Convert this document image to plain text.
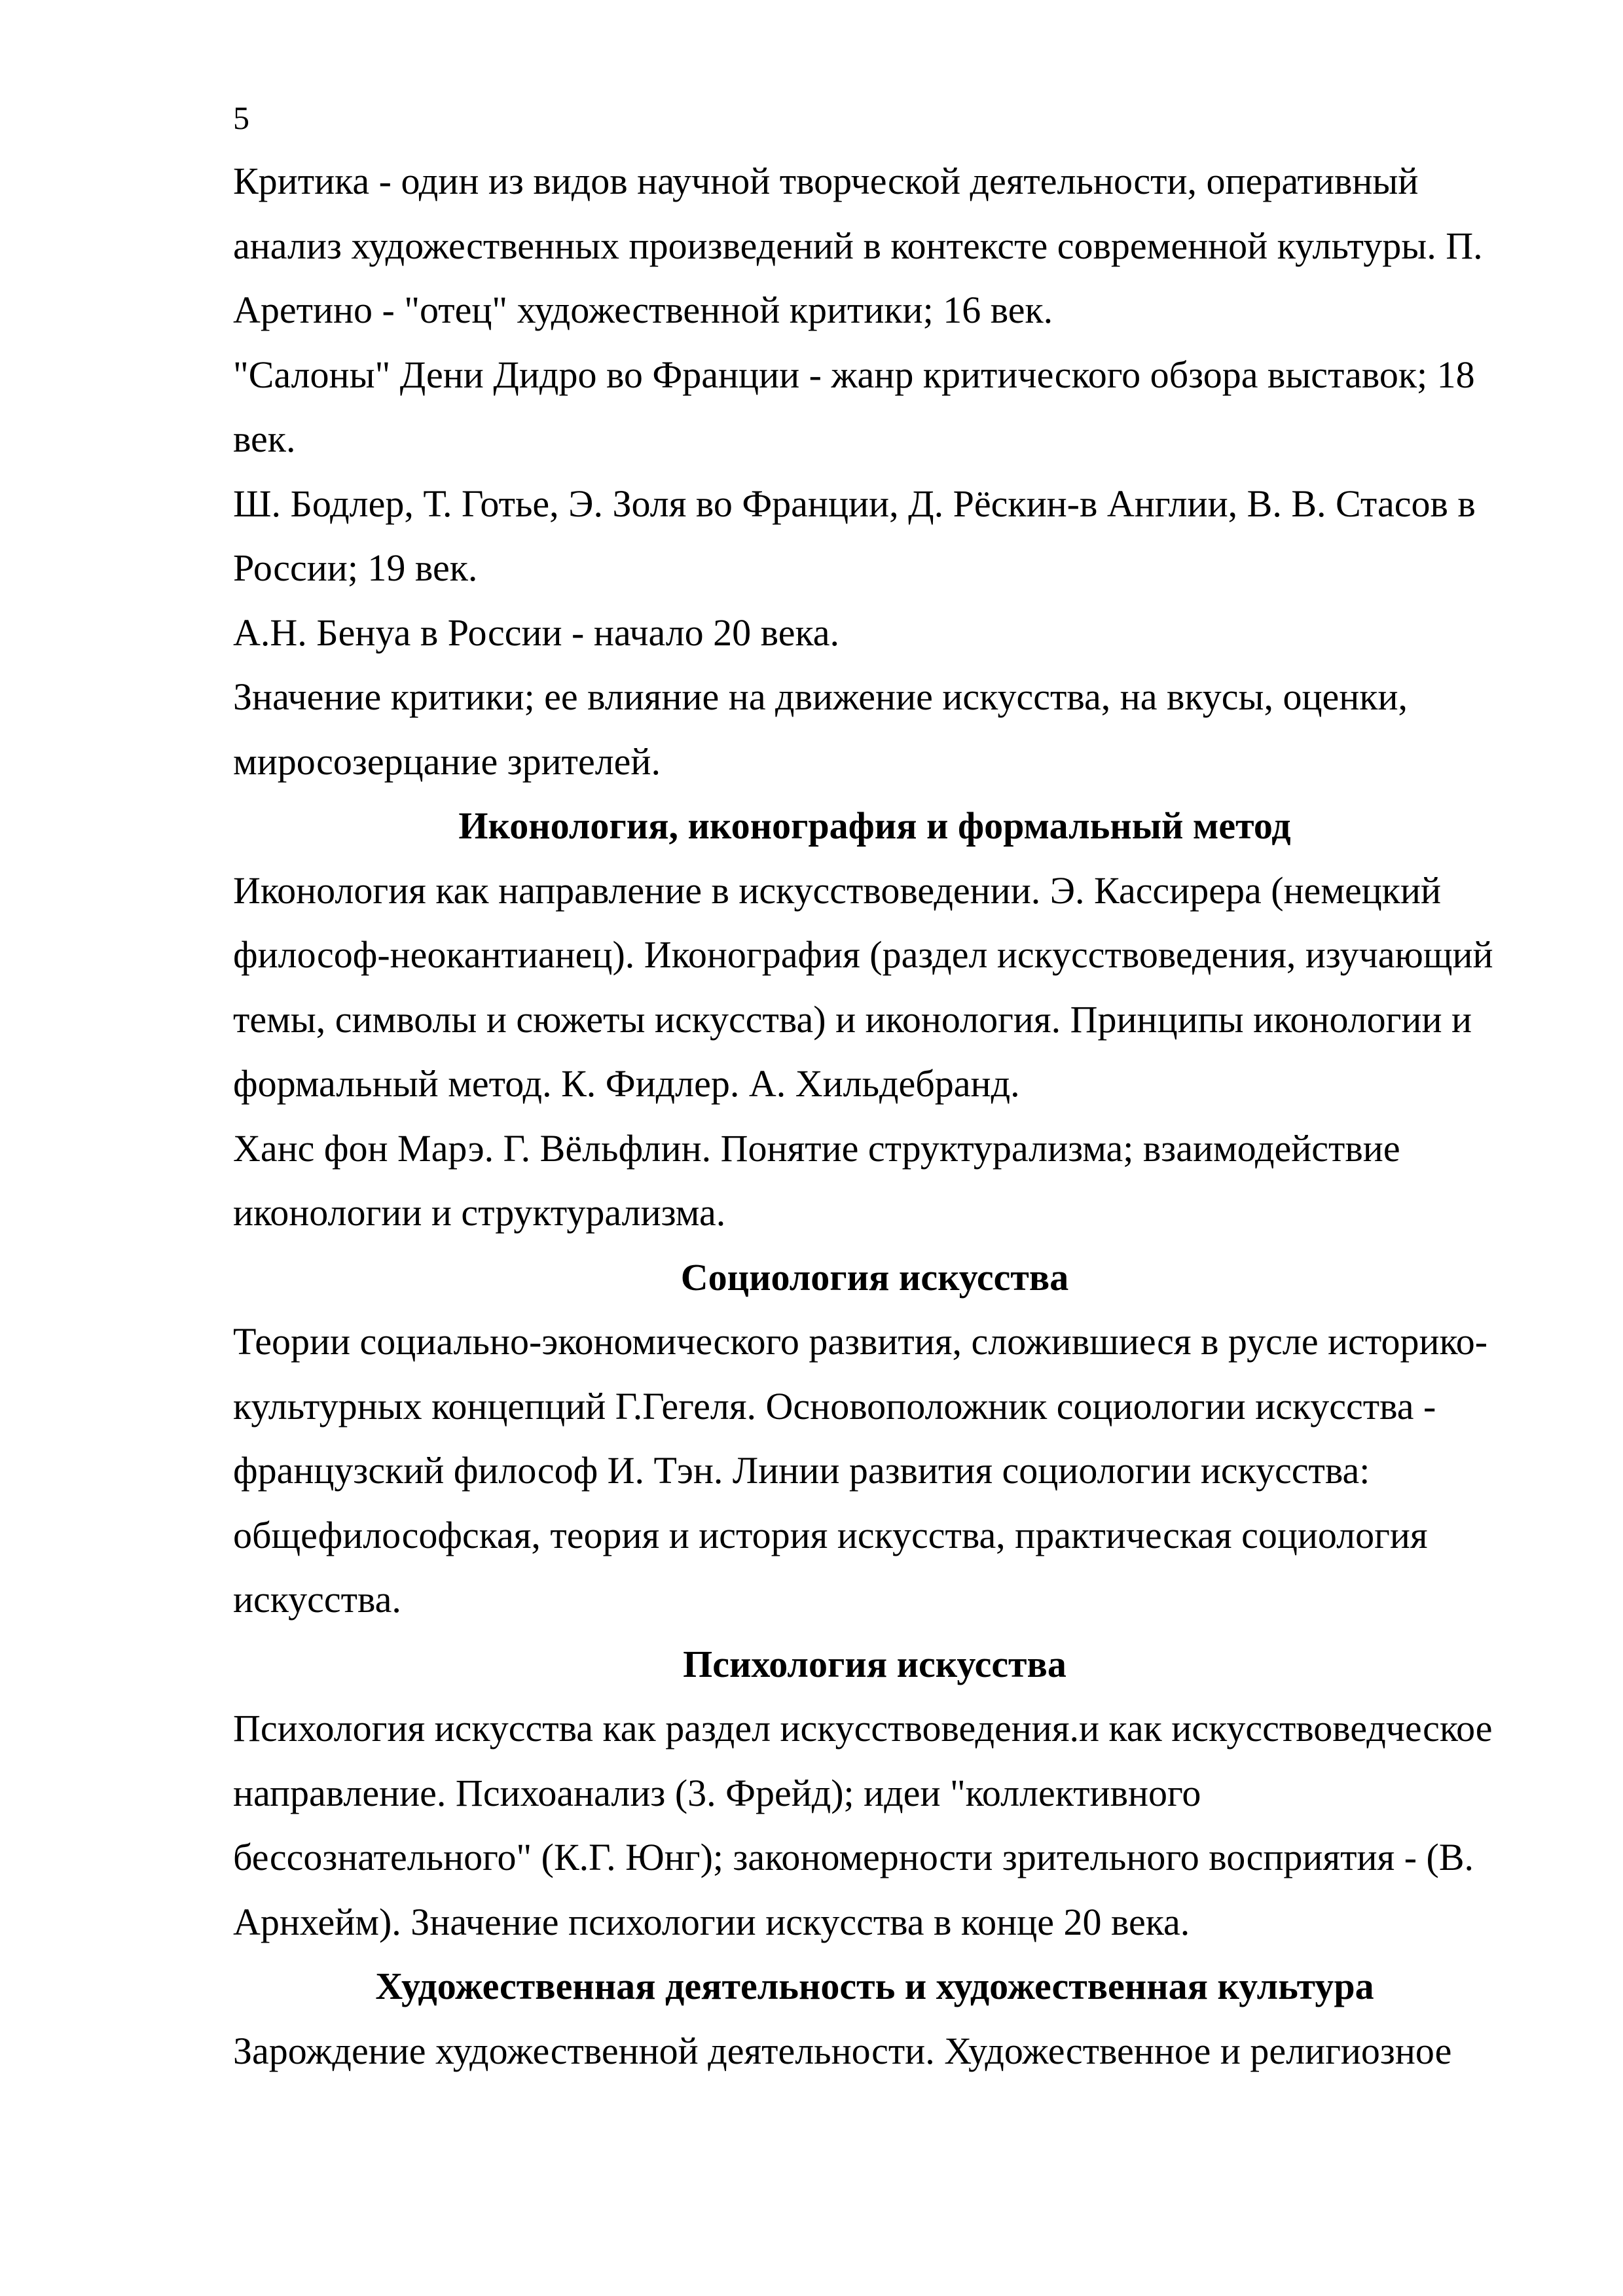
5
Критика - один из видов научной творческой деятельности, оперативный
анализ художественных произведений в контексте современной культуры. П.
Аретино - "отец" художественной критики; 16 век.
"Салоны" Дени Дидро во Франции - жанр критического обзора выставок; 18
век.
Ш. Бодлер, Т. Готье, Э. Золя во Франции, Д. Рёскин-в Англии, В. В. Стасов в
России; 19 век.
А.Н. Бенуа в России - начало 20 века.
Значение критики; ее влияние на движение искусства, на вкусы, оценки,
миросозерцание зрителей.
Иконология, иконография и формальный метод
Иконология как направление в искусствоведении. Э. Кассирера (немецкий
философ-неокантианец). Иконография (раздел искусствоведения, изучающий
темы, символы и сюжеты искусства) и иконология. Принципы иконологии и
формальный метод. К. Фидлер. А. Хильдебранд.
Ханс фон Марэ. Г. Вёльфлин. Понятие структурализма; взаимодействие
иконологии и структурализма.
Социология искусства
Теории социально-экономического развития, сложившиеся в русле историко-
культурных концепций Г.Гегеля. Основоположник социологии искусства -
французский философ И. Тэн. Линии развития социологии искусства:
общефилософская, теория и история искусства, практическая социология
искусства.
Психология искусства
Психология искусства как раздел искусствоведения.и как искусствоведческое
направление. Психоанализ (3. Фрейд); идеи "коллективного
бессознательного" (К.Г. Юнг); закономерности зрительного восприятия - (В.
Арнхейм). Значение психологии искусства в конце 20 века.
Художественная деятельность и художественная культура
Зарождение художественной деятельности. Художественное и религиозное
